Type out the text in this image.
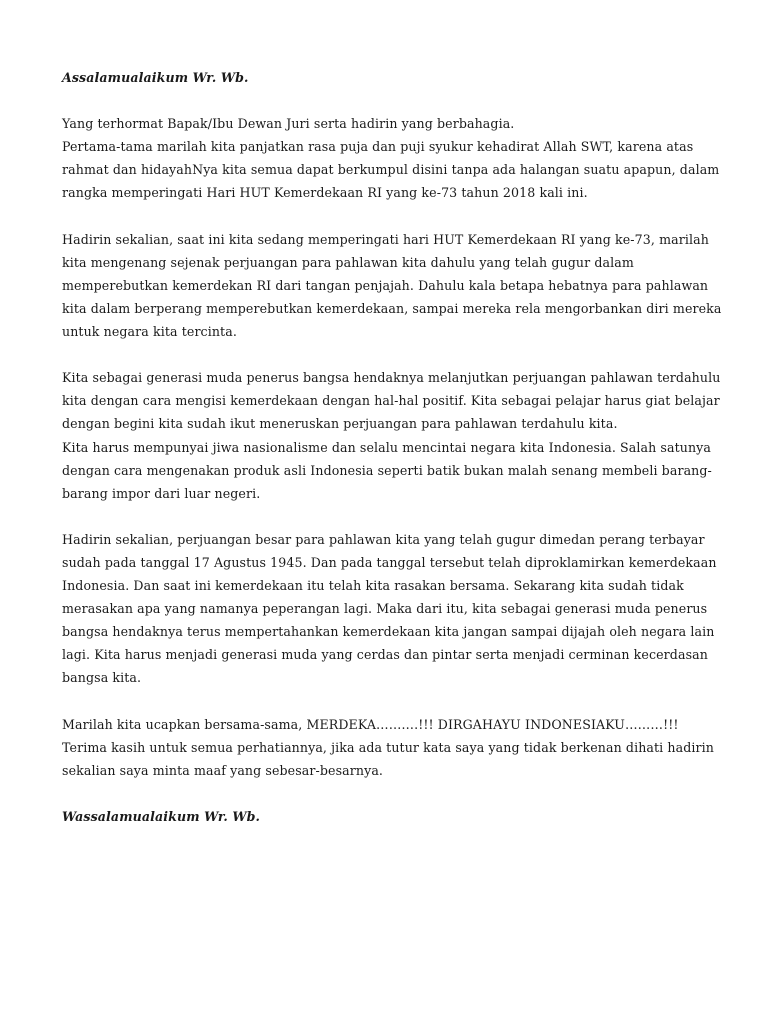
Assalamualaikum Wr. Wb.
Yang terhormat Bapak/Ibu Dewan Juri serta hadirin yang berbahagia.
Pertama-tama marilah kita panjatkan rasa puja dan puji syukur kehadirat Allah SWT, karena atas
rahmat dan hidayahNya kita semua dapat berkumpul disini tanpa ada halangan suatu apapun, dalam
rangka memperingati Hari HUT Kemerdekaan RI yang ke-73 tahun 2018 kali ini.
Hadirin sekalian, saat ini kita sedang memperingati hari HUT Kemerdekaan RI yang ke-73, marilah
kita mengenang sejenak perjuangan para pahlawan kita dahulu yang telah gugur dalam
memperebutkan kemerdekan RI dari tangan penjajah. Dahulu kala betapa hebatnya para pahlawan
kita dalam berperang memperebutkan kemerdekaan, sampai mereka rela mengorbankan diri mereka
untuk negara kita tercinta.
Kita sebagai generasi muda penerus bangsa hendaknya melanjutkan perjuangan pahlawan terdahulu
kita dengan cara mengisi kemerdekaan dengan hal-hal positif. Kita sebagai pelajar harus giat belajar
dengan begini kita sudah ikut meneruskan perjuangan para pahlawan terdahulu kita.
Kita harus mempunyai jiwa nasionalisme dan selalu mencintai negara kita Indonesia. Salah satunya
dengan cara mengenakan produk asli Indonesia seperti batik bukan malah senang membeli barang-
barang impor dari luar negeri.
Hadirin sekalian, perjuangan besar para pahlawan kita yang telah gugur dimedan perang terbayar
sudah pada tanggal 17 Agustus 1945. Dan pada tanggal tersebut telah diproklamirkan kemerdekaan
Indonesia. Dan saat ini kemerdekaan itu telah kita rasakan bersama. Sekarang kita sudah tidak
merasakan apa yang namanya peperangan lagi. Maka dari itu, kita sebagai generasi muda penerus
bangsa hendaknya terus mempertahankan kemerdekaan kita jangan sampai dijajah oleh negara lain
lagi. Kita harus menjadi generasi muda yang cerdas dan pintar serta menjadi cerminan kecerdasan
bangsa kita.
Marilah kita ucapkan bersama-sama, MERDEKA……….!!! DIRGAHAYU INDONESIAKU………!!!
Terima kasih untuk semua perhatiannya, jika ada tutur kata saya yang tidak berkenan dihati hadirin
sekalian saya minta maaf yang sebesar-besarnya.
Wassalamualaikum Wr. Wb.
